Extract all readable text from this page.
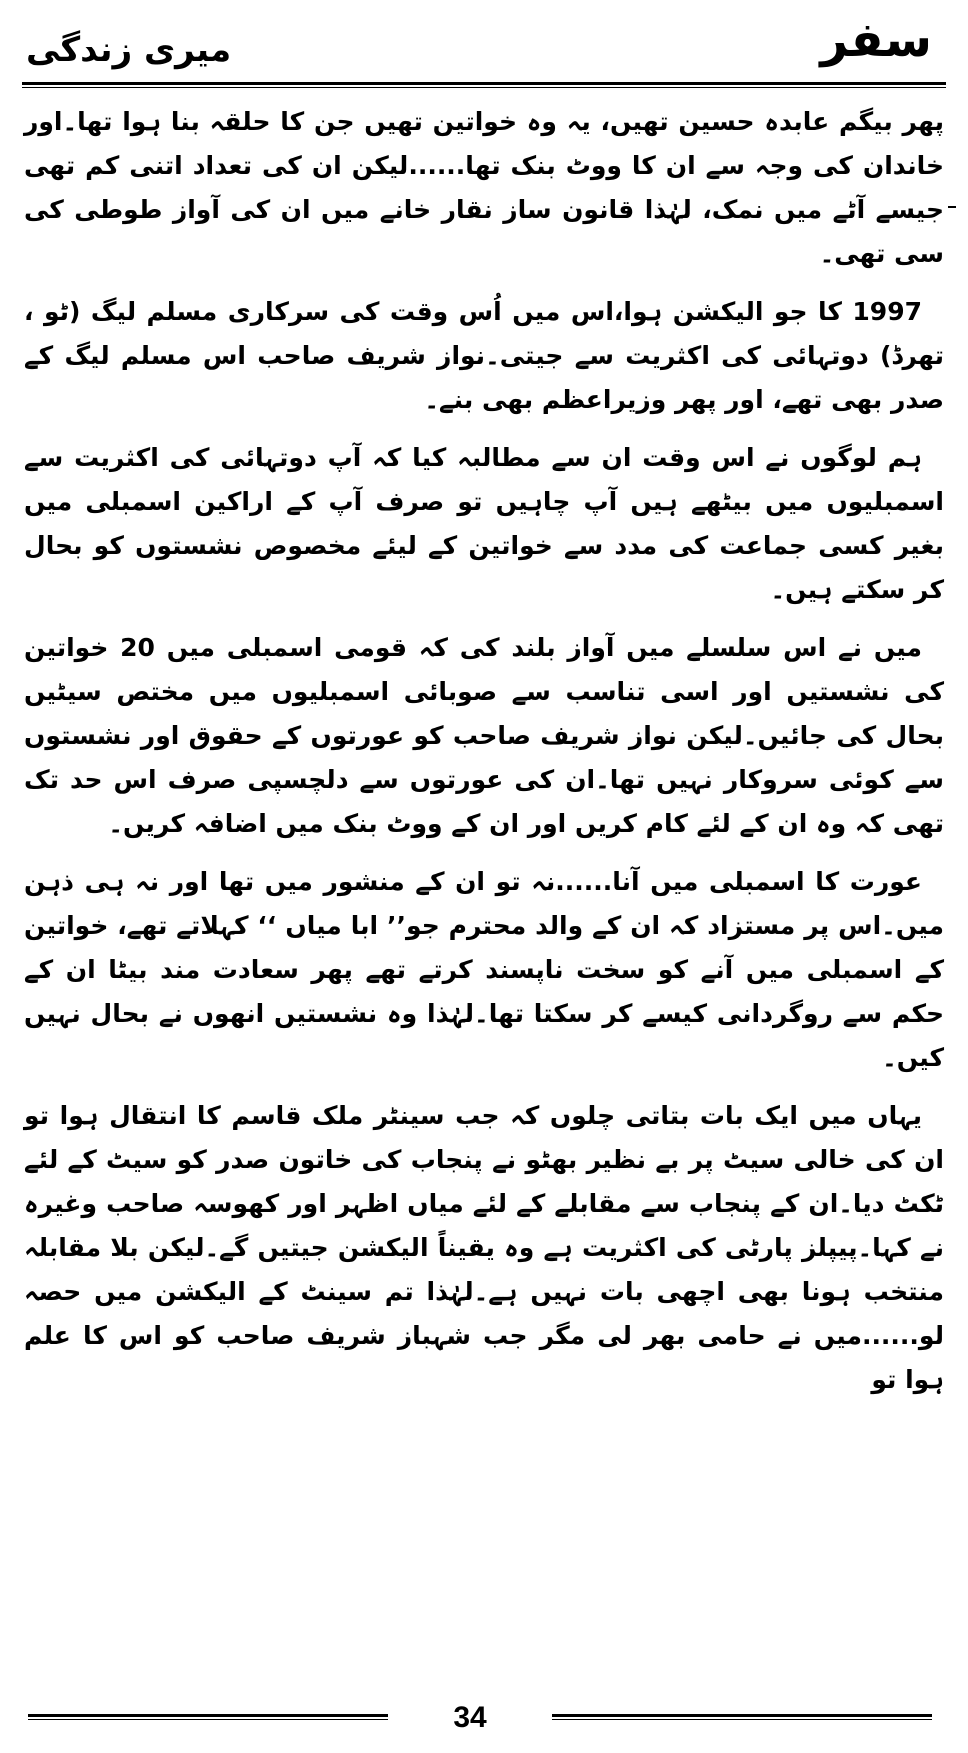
سفر
میری زندگی

پھر بیگم عابدہ حسین تھیں، یہ وہ خواتین تھیں جن کا حلقہ بنا ہوا تھا۔اور خاندان کی وجہ سے ان کا ووٹ بنک تھا......لیکن ان کی تعداد اتنی کم تھی جیسے آٹے میں نمک، لہٰذا قانون ساز نقار خانے میں ان کی آواز طوطی کی سی تھی۔

1997 کا جو الیکشن ہوا،اس میں اُس وقت کی سرکاری مسلم لیگ (ٹو ، تھرڈ) دوتہائی کی اکثریت سے جیتی۔نواز شریف صاحب اس مسلم لیگ کے صدر بھی تھے، اور پھر وزیراعظم بھی بنے۔

ہم لوگوں نے اس وقت ان سے مطالبہ کیا کہ آپ دوتہائی کی اکثریت سے اسمبلیوں میں بیٹھے ہیں آپ چاہیں تو صرف آپ کے اراکین اسمبلی میں بغیر کسی جماعت کی مدد سے خواتین کے لیئے مخصوص نشستوں کو بحال کر سکتے ہیں۔

میں نے اس سلسلے میں آواز بلند کی کہ قومی اسمبلی میں 20 خواتین کی نشستیں اور اسی تناسب سے صوبائی اسمبلیوں میں مختص سیٹیں بحال کی جائیں۔لیکن نواز شریف صاحب کو عورتوں کے حقوق اور نشستوں سے کوئی سروکار نہیں تھا۔ان کی عورتوں سے دلچسپی صرف اس حد تک تھی کہ وہ ان کے لئے کام کریں اور ان کے ووٹ بنک میں اضافہ کریں۔

عورت کا اسمبلی میں آنا......نہ تو ان کے منشور میں تھا اور نہ ہی ذہن میں۔اس پر مستزاد کہ ان کے والد محترم جو’’ ابا میاں ‘‘ کہلاتے تھے، خواتین کے اسمبلی میں آنے کو سخت ناپسند کرتے تھے پھر سعادت مند بیٹا ان کے حکم سے روگردانی کیسے کر سکتا تھا۔لہٰذا وہ نشستیں انھوں نے بحال نہیں کیں۔

یہاں میں ایک بات بتاتی چلوں کہ جب سینٹر ملک قاسم کا انتقال ہوا تو ان کی خالی سیٹ پر بے نظیر بھٹو نے پنجاب کی خاتون صدر کو سیٹ کے لئے ٹکٹ دیا۔ان کے پنجاب سے مقابلے کے لئے میاں اظہر اور کھوسہ صاحب وغیرہ نے کہا۔پیپلز پارٹی کی اکثریت ہے وہ یقیناً الیکشن جیتیں گے۔لیکن بلا مقابلہ منتخب ہونا بھی اچھی بات نہیں ہے۔لہٰذا تم سینٹ کے الیکشن میں حصہ لو......میں نے حامی بھر لی مگر جب شہباز شریف صاحب کو اس کا علم ہوا تو

34
